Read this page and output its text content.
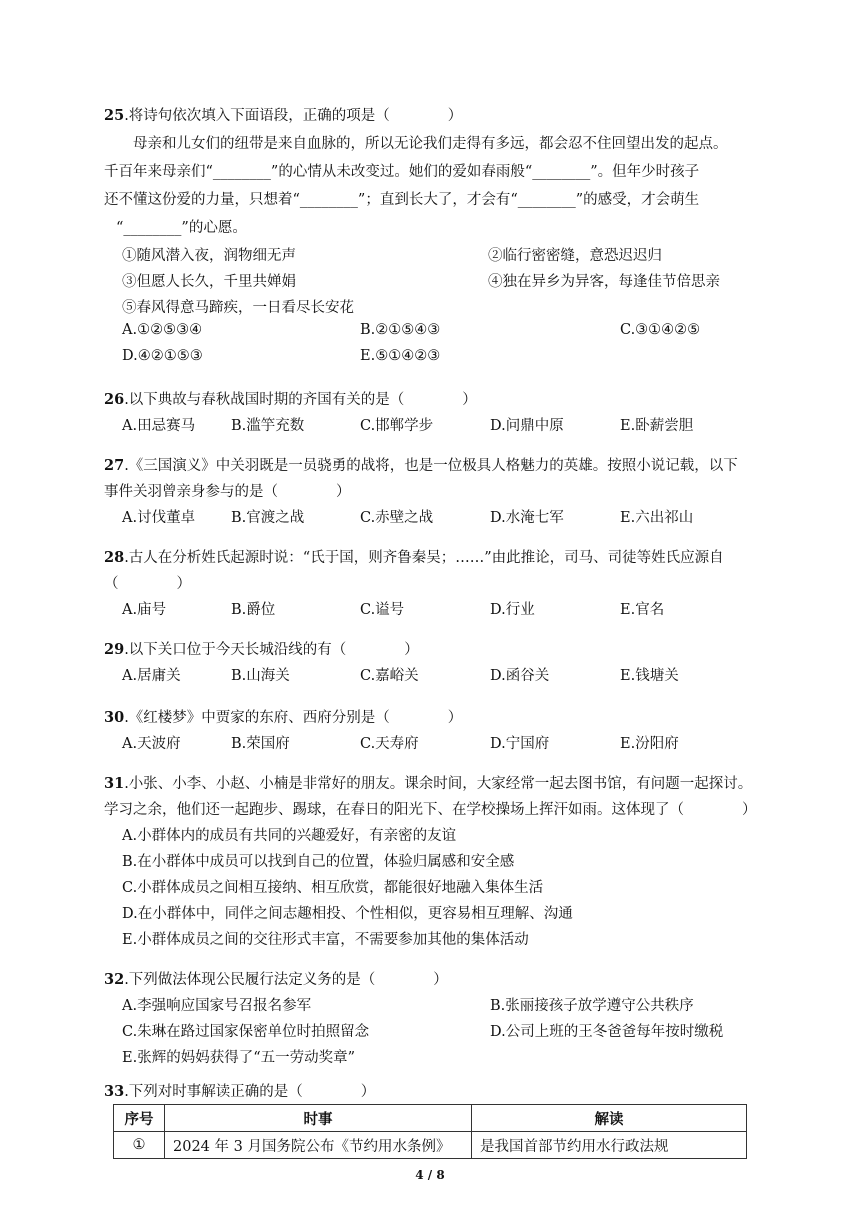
25.将诗句依次填入下面语段，正确的项是（　　　　）
　　母亲和儿女们的纽带是来自血脉的，所以无论我们走得有多远，都会忍不住回望出发的起点。
千百年来母亲们“________”的心情从未改变过。她们的爱如春雨般“________”。但年少时孩子
还不懂这份爱的力量，只想着“________”；直到长大了，才会有“________”的感受，才会萌生
“________”的心愿。
①随风潜入夜，润物细无声	②临行密密缝，意恐迟迟归
③但愿人长久，千里共婵娟	④独在异乡为异客，每逢佳节倍思亲
⑤春风得意马蹄疾，一日看尽长安花
A.①②⑤③④	B.②①⑤④③	C.③①④②⑤
D.④②①⑤③	E.⑤①④②③
26.以下典故与春秋战国时期的齐国有关的是（　　　　）
A.田忌赛马 B.滥竽充数	C.邯郸学步	D.问鼎中原	E.卧薪尝胆
27.《三国演义》中关羽既是一员骁勇的战将，也是一位极具人格魅力的英雄。按照小说记载，以下
事件关羽曾亲身参与的是（　　　　）
A.讨伐董卓 B.官渡之战	C.赤壁之战	D.水淹七军	E.六出祁山
28.古人在分析姓氏起源时说：“氏于国，则齐鲁秦吴；……”由此推论，司马、司徒等姓氏应源自
（　　　　）
A.庙号	B.爵位	C.谥号	D.行业	E.官名
29.以下关口位于今天长城沿线的有（　　　　）
A.居庸关	B.山海关	C.嘉峪关	D.函谷关	E.钱塘关
30.《红楼梦》中贾家的东府、西府分别是（　　　　）
A.天波府	B.荣国府	C.天寿府	D.宁国府	E.汾阳府
31.小张、小李、小赵、小楠是非常好的朋友。课余时间，大家经常一起去图书馆，有问题一起探讨。
学习之余，他们还一起跑步、踢球，在春日的阳光下、在学校操场上挥汗如雨。这体现了（　　　　）
A.小群体内的成员有共同的兴趣爱好，有亲密的友谊
B.在小群体中成员可以找到自己的位置，体验归属感和安全感
C.小群体成员之间相互接纳、相互欣赏，都能很好地融入集体生活
D.在小群体中，同伴之间志趣相投、个性相似，更容易相互理解、沟通
E.小群体成员之间的交往形式丰富，不需要参加其他的集体活动
32.下列做法体现公民履行法定义务的是（　　　　）
A.李强响应国家号召报名参军	B.张丽接孩子放学遵守公共秩序
C.朱琳在路过国家保密单位时拍照留念	D.公司上班的王冬爸爸每年按时缴税
E.张辉的妈妈获得了“五一劳动奖章”
33.下列对时事解读正确的是（　　　　）
序号	时事	解读
①	2024 年 3 月国务院公布《节约用水条例》	是我国首部节约用水行政法规
4 / 8
